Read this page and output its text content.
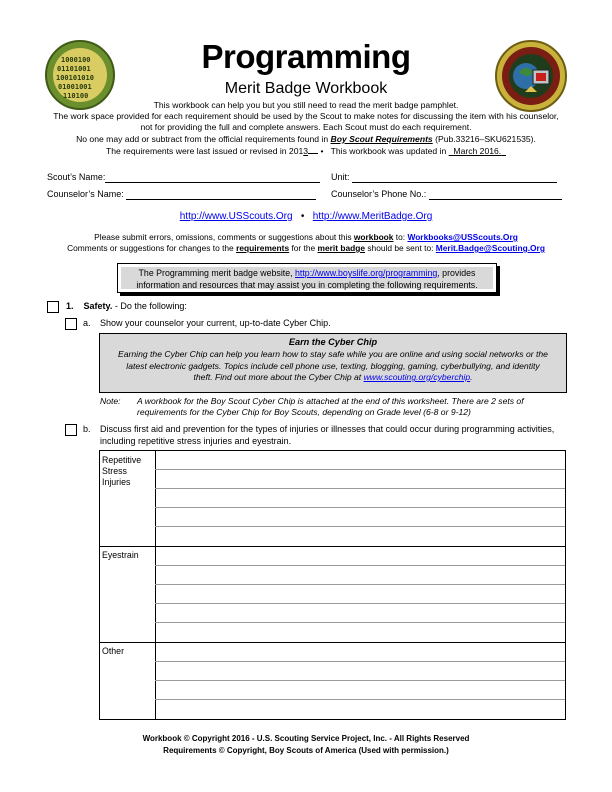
1000100
01101001
100101010
01001001
110100
Programming
Merit Badge Workbook
This workbook can help you but you still need to read the merit badge pamphlet.
The work space provided for each requirement should be used by the Scout to make notes for discussing the item with his counselor,
not for providing the full and complete answers. Each Scout must do each requirement.
No one may add or subtract from the official requirements found in Boy Scout Requirements (Pub.33216–SKU621535).
The requirements were last issued or revised in 2013 • This workbook was updated in March 2016.
Scout’s Name:	Unit:
Counselor’s Name:	Counselor’s Phone No.:
http://www.USScouts.Org • http://www.MeritBadge.Org
Please submit errors, omissions, comments or suggestions about this workbook to: Workbooks@USScouts.Org
Comments or suggestions for changes to the requirements for the merit badge should be sent to: Merit.Badge@Scouting.Org
The Programming merit badge website, http://www.boyslife.org/programming, provides
information and resources that may assist you in completing the following requirements.
1. Safety. - Do the following:
a. Show your counselor your current, up-to-date Cyber Chip.
Earn the Cyber Chip
Earning the Cyber Chip can help you learn how to stay safe while you are online and using social networks or the
latest electronic gadgets. Topics include cell phone use, texting, blogging, gaming, cyberbullying, and identity
theft. Find out more about the Cyber Chip at www.scouting.org/cyberchip.
Note: A workbook for the Boy Scout Cyber Chip is attached at the end of this worksheet. There are 2 sets of
requirements for the Cyber Chip for Boy Scouts, depending on Grade level (6-8 or 9-12)
b. Discuss first aid and prevention for the types of injuries or illnesses that could occur during programming activities,
including repetitive stress injuries and eyestrain.
Repetitive
Stress
Injuries
Eyestrain
Other
Workbook © Copyright 2016 - U.S. Scouting Service Project, Inc. - All Rights Reserved
Requirements © Copyright, Boy Scouts of America (Used with permission.)
